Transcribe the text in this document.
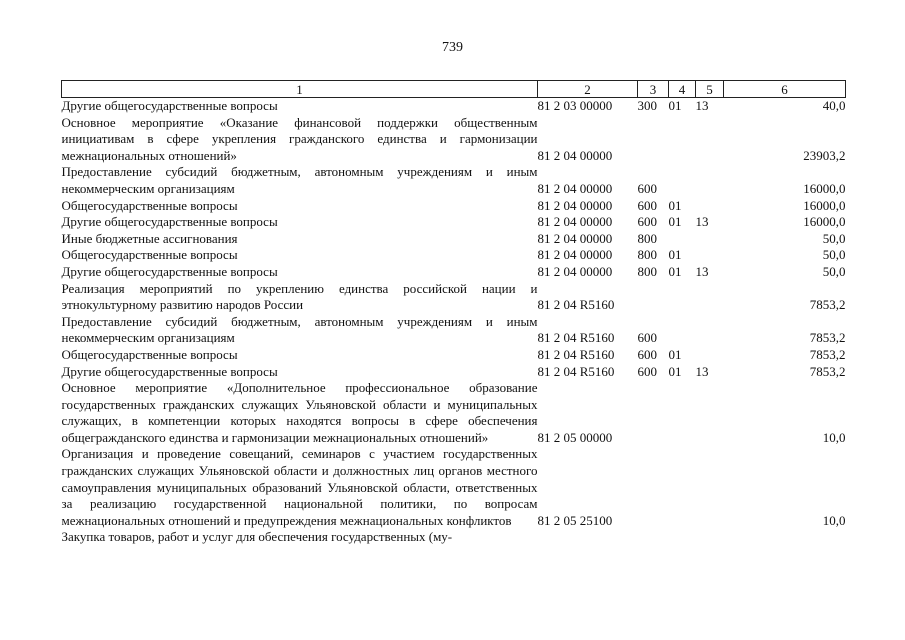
739
1	2	3	4	5	6
Другие общегосударственные вопросы	81 2 03 00000	300	01	13	40,0
Основное мероприятие «Оказание финансовой поддержки общественным инициативам в сфере укрепления гражданского единства и гармонизации межнациональных отношений»	81 2 04 00000				23903,2
Предоставление субсидий бюджетным, автономным учреждениям и иным некоммерческим организациям	81 2 04 00000	600			16000,0
Общегосударственные вопросы	81 2 04 00000	600	01		16000,0
Другие общегосударственные вопросы	81 2 04 00000	600	01	13	16000,0
Иные бюджетные ассигнования	81 2 04 00000	800			50,0
Общегосударственные вопросы	81 2 04 00000	800	01		50,0
Другие общегосударственные вопросы	81 2 04 00000	800	01	13	50,0
Реализация мероприятий по укреплению единства российской нации и этнокультурному развитию народов России	81 2 04 R5160				7853,2
Предоставление субсидий бюджетным, автономным учреждениям и иным некоммерческим организациям	81 2 04 R5160	600			7853,2
Общегосударственные вопросы	81 2 04 R5160	600	01		7853,2
Другие общегосударственные вопросы	81 2 04 R5160	600	01	13	7853,2
Основное мероприятие «Дополнительное профессиональное образование государственных гражданских служащих Ульяновской области и муниципальных служащих, в компетенции которых находятся вопросы в сфере обеспечения общегражданского единства и гармонизации межнациональных отношений»	81 2 05 00000				10,0
Организация и проведение совещаний, семинаров с участием государственных гражданских служащих Ульяновской области и должностных лиц органов местного самоуправления муниципальных образований Ульяновской области, ответственных за реализацию государственной национальной политики, по вопросам межнациональных отношений и предупреждения межнациональных конфликтов	81 2 05 25100				10,0
Закупка товаров, работ и услуг для обеспечения государственных (му-					
